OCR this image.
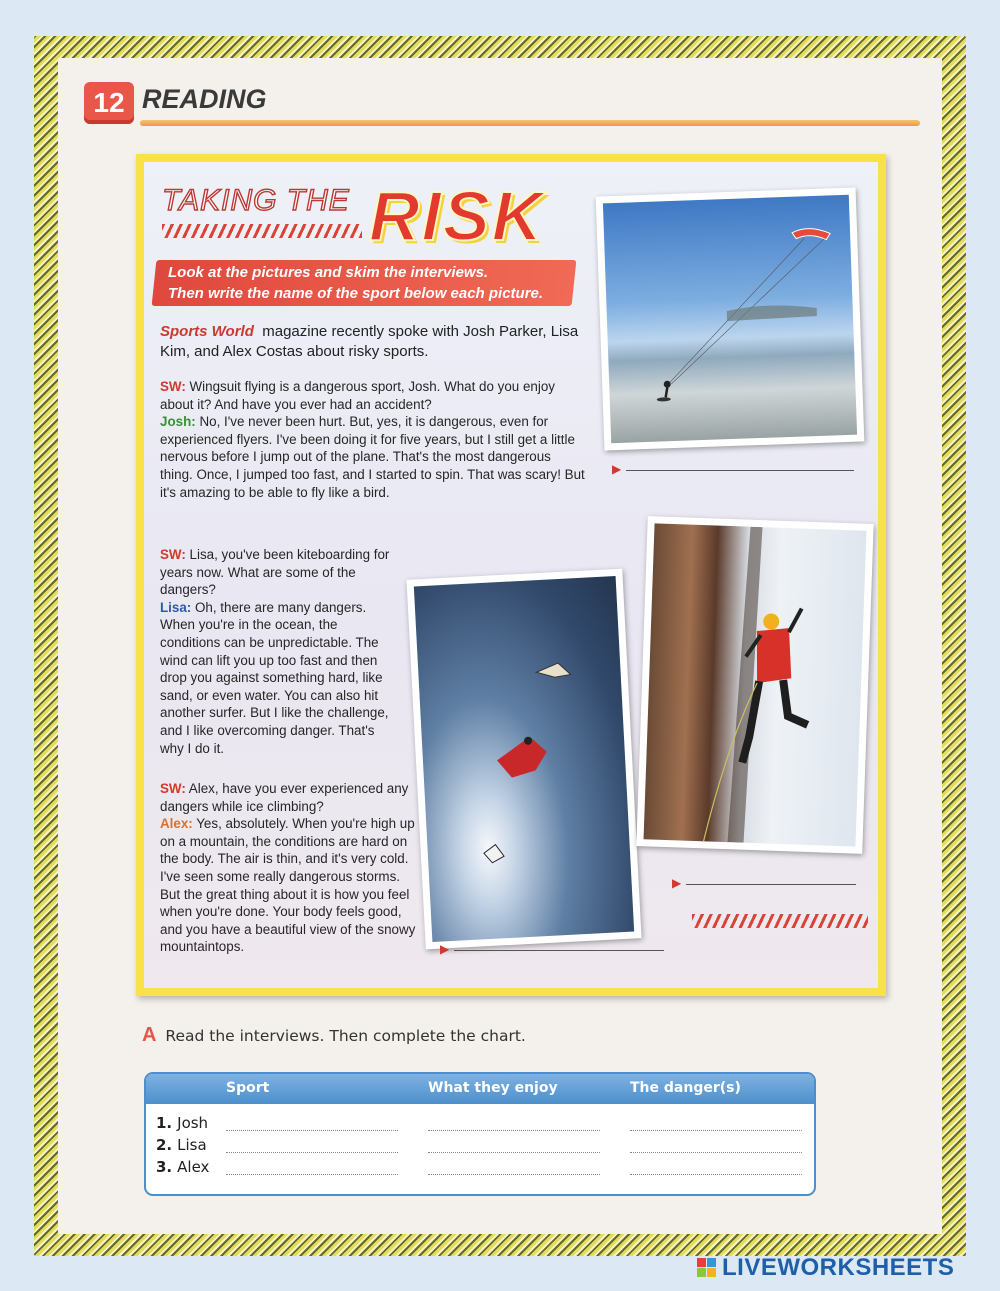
12 READING
TAKING THE RISK
Look at the pictures and skim the interviews.
Then write the name of the sport below each picture.
Sports World magazine recently spoke with Josh Parker, Lisa Kim, and Alex Costas about risky sports.

SW: Wingsuit flying is a dangerous sport, Josh. What do you enjoy about it? And have you ever had an accident?

Josh: No, I've never been hurt. But, yes, it is dangerous, even for experienced flyers. I've been doing it for five years, but I still get a little nervous before I jump out of the plane. That's the most dangerous thing. Once, I jumped too fast, and I started to spin. That was scary! But it's amazing to be able to fly like a bird.

SW: Lisa, you've been kiteboarding for years now. What are some of the dangers?

Lisa: Oh, there are many dangers. When you're in the ocean, the conditions can be unpredictable. The wind can lift you up too fast and then drop you against something hard, like sand, or even water. You can also hit another surfer. But I like the challenge, and I like overcoming danger. That's why I do it.

SW: Alex, have you ever experienced any dangers while ice climbing?

Alex: Yes, absolutely. When you're high up on a mountain, the conditions are hard on the body. The air is thin, and it's very cold. I've seen some really dangerous storms. But the great thing about it is how you feel when you're done. Your body feels good, and you have a beautiful view of the snowy mountaintops.

▶
▶
▶
A Read the interviews. Then complete the chart.
Sport	What they enjoy	The danger(s)
1. Josh
2. Lisa
3. Alex
LIVEWORKSHEETS
